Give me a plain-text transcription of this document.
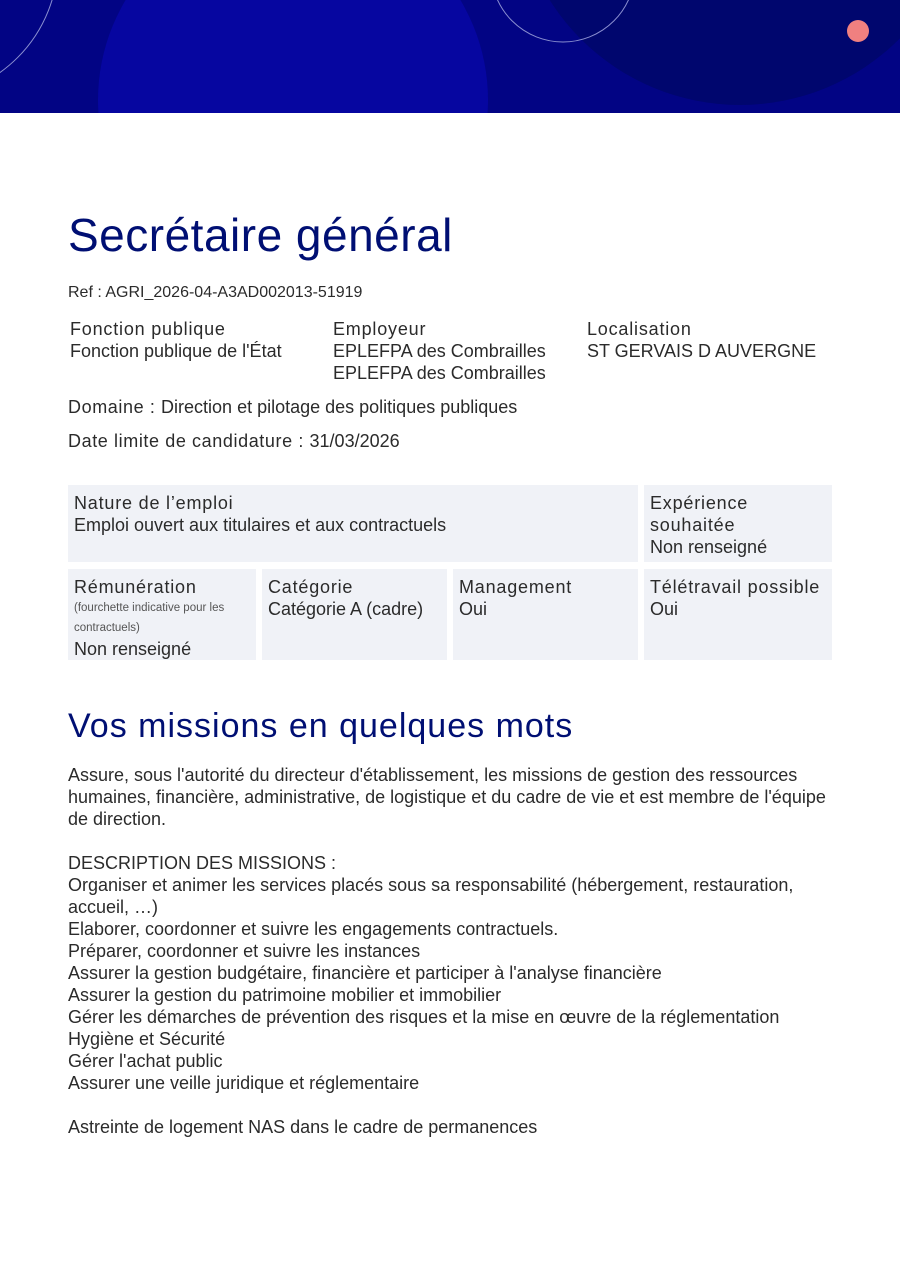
Secrétaire général
Ref : AGRI_2026-04-A3AD002013-51919
Fonction publique
Fonction publique de l'État
Employeur
EPLEFPA des Combrailles
EPLEFPA des Combrailles
Localisation
ST GERVAIS D AUVERGNE
Domaine : Direction et pilotage des politiques publiques
Date limite de candidature : 31/03/2026
Nature de l’emploi
Emploi ouvert aux titulaires et aux contractuels
Expérience
souhaitée
Non renseigné
Rémunération
(fourchette indicative pour les
contractuels)
Non renseigné
Catégorie
Catégorie A (cadre)
Management
Oui
Télétravail possible
Oui
Vos missions en quelques mots

Assure, sous l'autorité du directeur d'établissement, les missions de gestion des ressources humaines, financière, administrative, de logistique et du cadre de vie et est membre de l'équipe de direction.

DESCRIPTION DES MISSIONS :

Organiser et animer les services placés sous sa responsabilité (hébergement, restauration, accueil, …)

Elaborer, coordonner et suivre les engagements contractuels.

Préparer, coordonner et suivre les instances

Assurer la gestion budgétaire, financière et participer à l'analyse financière

Assurer la gestion du patrimoine mobilier et immobilier

Gérer les démarches de prévention des risques et la mise en œuvre de la réglementation Hygiène et Sécurité

Gérer l'achat public

Assurer une veille juridique et réglementaire

Astreinte de logement NAS dans le cadre de permanences
